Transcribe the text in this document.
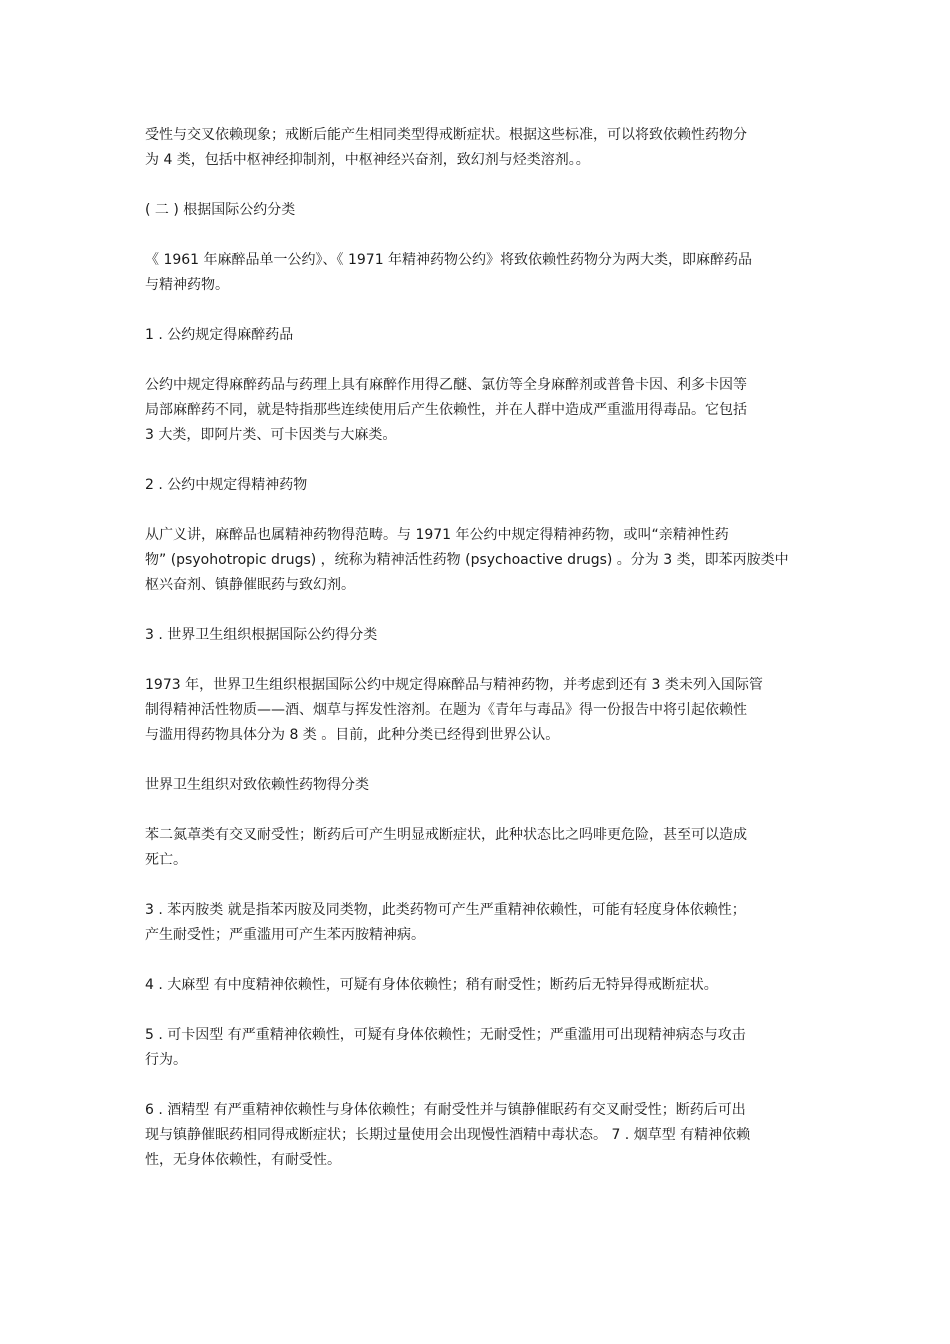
受性与交叉依赖现象；戒断后能产生相同类型得戒断症状。根据这些标准，可以将致依赖性药物分
为 4 类，包括中枢神经抑制剂，中枢神经兴奋剂，致幻剂与烃类溶剂。。

( 二 ) 根据国际公约分类

《 1961 年麻醉品单一公约》、《 1971 年精神药物公约》将致依赖性药物分为两大类，即麻醉药品
与精神药物。

1 . 公约规定得麻醉药品

公约中规定得麻醉药品与药理上具有麻醉作用得乙醚、氯仿等全身麻醉剂或普鲁卡因、利多卡因等
局部麻醉药不同，就是特指那些连续使用后产生依赖性，并在人群中造成严重滥用得毒品。它包括
3 大类，即阿片类、可卡因类与大麻类。

2 . 公约中规定得精神药物

从广义讲，麻醉品也属精神药物得范畴。与 1971 年公约中规定得精神药物，或叫“亲精神性药
物” (psyohotropic drugs) ，统称为精神活性药物 (psychoactive drugs) 。分为 3 类，即苯丙胺类中
枢兴奋剂、镇静催眠药与致幻剂。

3 . 世界卫生组织根据国际公约得分类

1973 年，世界卫生组织根据国际公约中规定得麻醉品与精神药物，并考虑到还有 3 类未列入国际管
制得精神活性物质——酒、烟草与挥发性溶剂。在题为《青年与毒品》得一份报告中将引起依赖性
与滥用得药物具体分为 8 类 。目前，此种分类已经得到世界公认。

世界卫生组织对致依赖性药物得分类

苯二氮䓬类有交叉耐受性；断药后可产生明显戒断症状，此种状态比之吗啡更危险，甚至可以造成
死亡。

3 . 苯丙胺类 就是指苯丙胺及同类物，此类药物可产生严重精神依赖性，可能有轻度身体依赖性；
产生耐受性；严重滥用可产生苯丙胺精神病。

4 . 大麻型 有中度精神依赖性，可疑有身体依赖性；稍有耐受性；断药后无特异得戒断症状。

5 . 可卡因型 有严重精神依赖性，可疑有身体依赖性；无耐受性；严重滥用可出现精神病态与攻击
行为。

6 . 酒精型 有严重精神依赖性与身体依赖性；有耐受性并与镇静催眠药有交叉耐受性；断药后可出
现与镇静催眠药相同得戒断症状；长期过量使用会出现慢性酒精中毒状态。 7 . 烟草型 有精神依赖
性，无身体依赖性，有耐受性。
